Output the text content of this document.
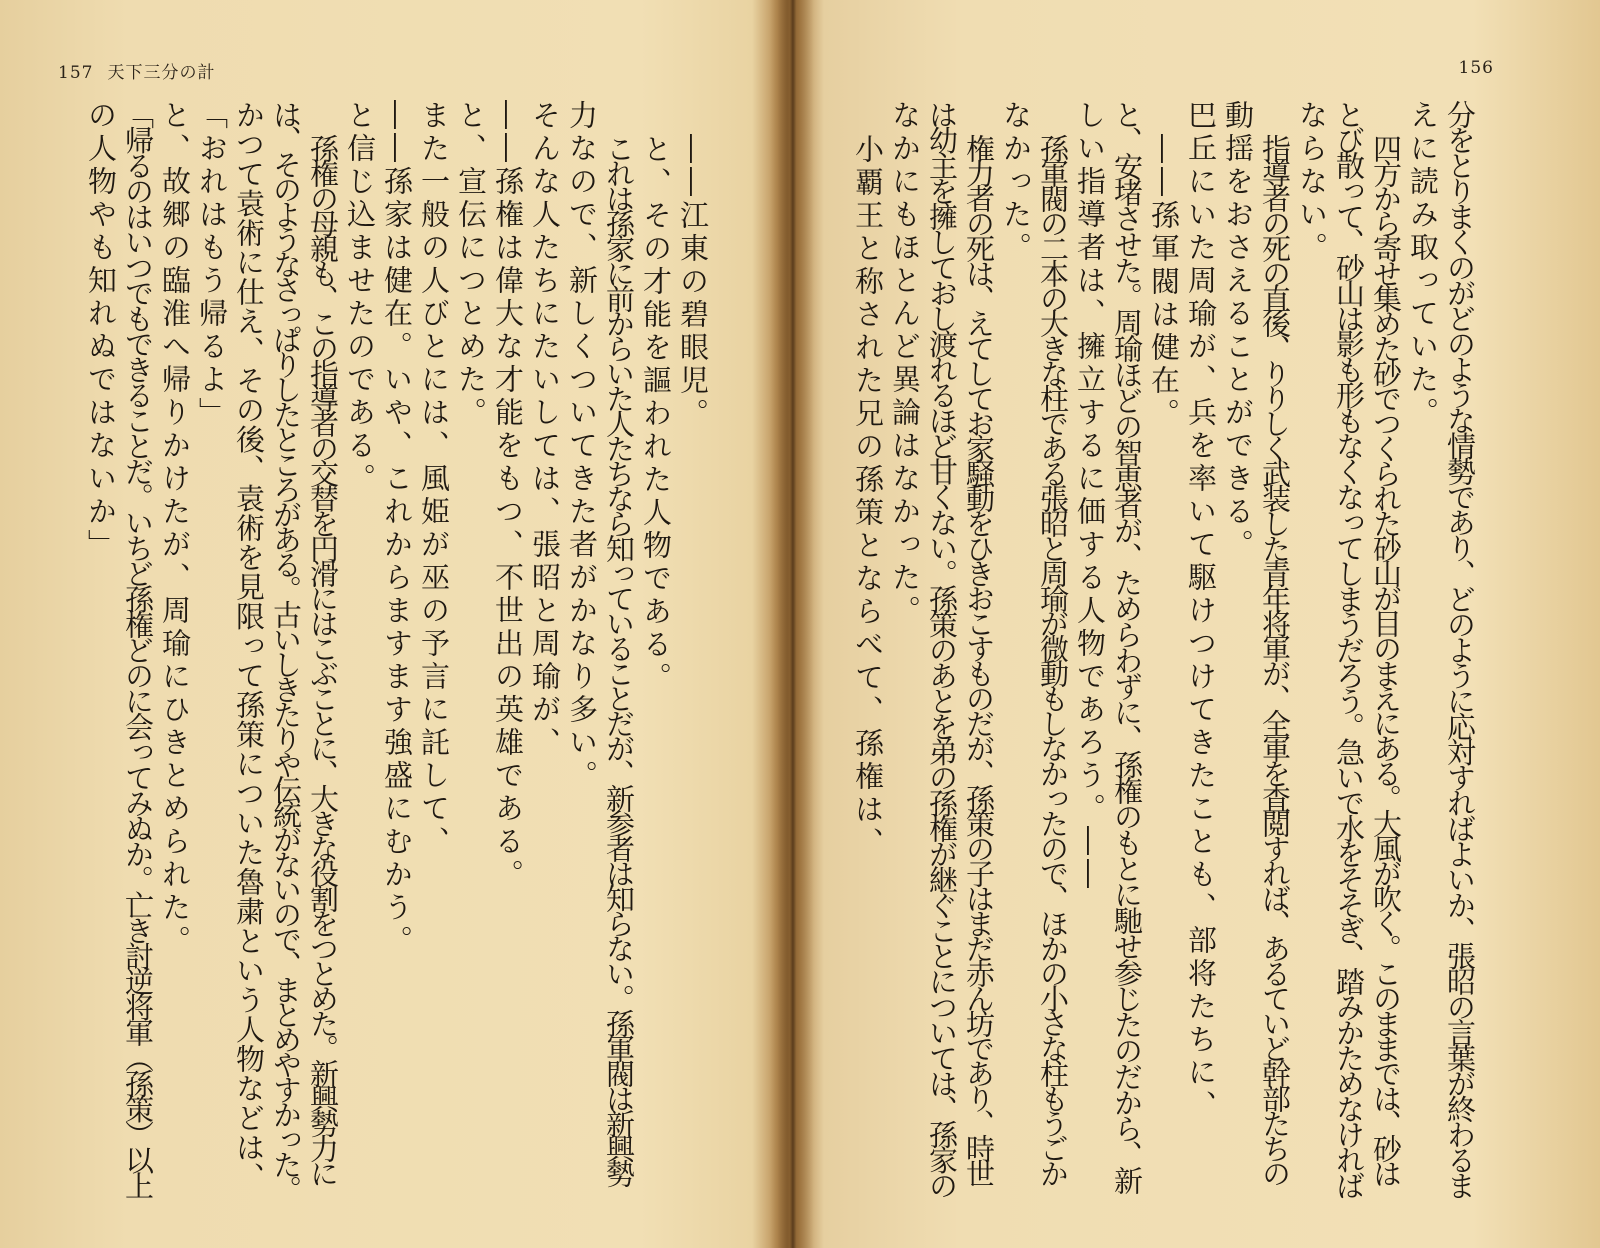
157 天下三分の計
――江東の碧眼児。
と、その才能を謳われた人物である。
これは孫家に前からいた人たちなら知っていることだが、新参者は知らない。孫軍閥は新興勢
力なので、新しくついてきた者がかなり多い。
そんな人たちにたいしては、張昭と周瑜が、
――孫権は偉大な才能をもつ、不世出の英雄である。
と、宣伝につとめた。
また一般の人びとには、風姫が巫の予言に託して、
――孫家は健在。いや、これからますます強盛にむかう。
と信じ込ませたのである。
孫権の母親も、この指導者の交替を円滑にはこぶことに、大きな役割をつとめた。新興勢力に
は、そのようなさっぱりしたところがある。古いしきたりや伝統がないので、まとめやすかった。
かつて袁術に仕え、その後、袁術を見限って孫策についた魯粛という人物などは、
「おれはもう帰るよ」
と、故郷の臨淮へ帰りかけたが、周瑜にひきとめられた。
「帰るのはいつでもできることだ。いちど孫権どのに会ってみぬか。亡き討逆将軍（孫策）以上
の人物やも知れぬではないか」
156
分をとりまくのがどのような情勢であり、どのように応対すればよいか、張昭の言葉が終わるま
えに読み取っていた。
四方から寄せ集めた砂でつくられた砂山が目のまえにある。大風が吹く。このままでは、砂は
とび散って、砂山は影も形もなくなってしまうだろう。急いで水をそそぎ、踏みかためなければ
ならない。
指導者の死の直後、りりしく武装した青年将軍が、全軍を査閲すれば、あるていど幹部たちの
動揺をおさえることができる。
巴丘にいた周瑜が、兵を率いて駆けつけてきたことも、部将たちに、
――孫軍閥は健在。
と、安堵させた。周瑜ほどの智恵者が、ためらわずに、孫権のもとに馳せ参じたのだから、新
しい指導者は、擁立するに価する人物であろう。――
孫軍閥の二本の大きな柱である張昭と周瑜が微動もしなかったので、ほかの小さな柱もうごか
なかった。
権力者の死は、えてしてお家騒動をひきおこすものだが、孫策の子はまだ赤ん坊であり、時世
は幼主を擁しておし渡れるほど甘くない。孫策のあとを弟の孫権が継ぐことについては、孫家の
なかにもほとんど異論はなかった。
小覇王と称された兄の孫策とならべて、孫権は、
